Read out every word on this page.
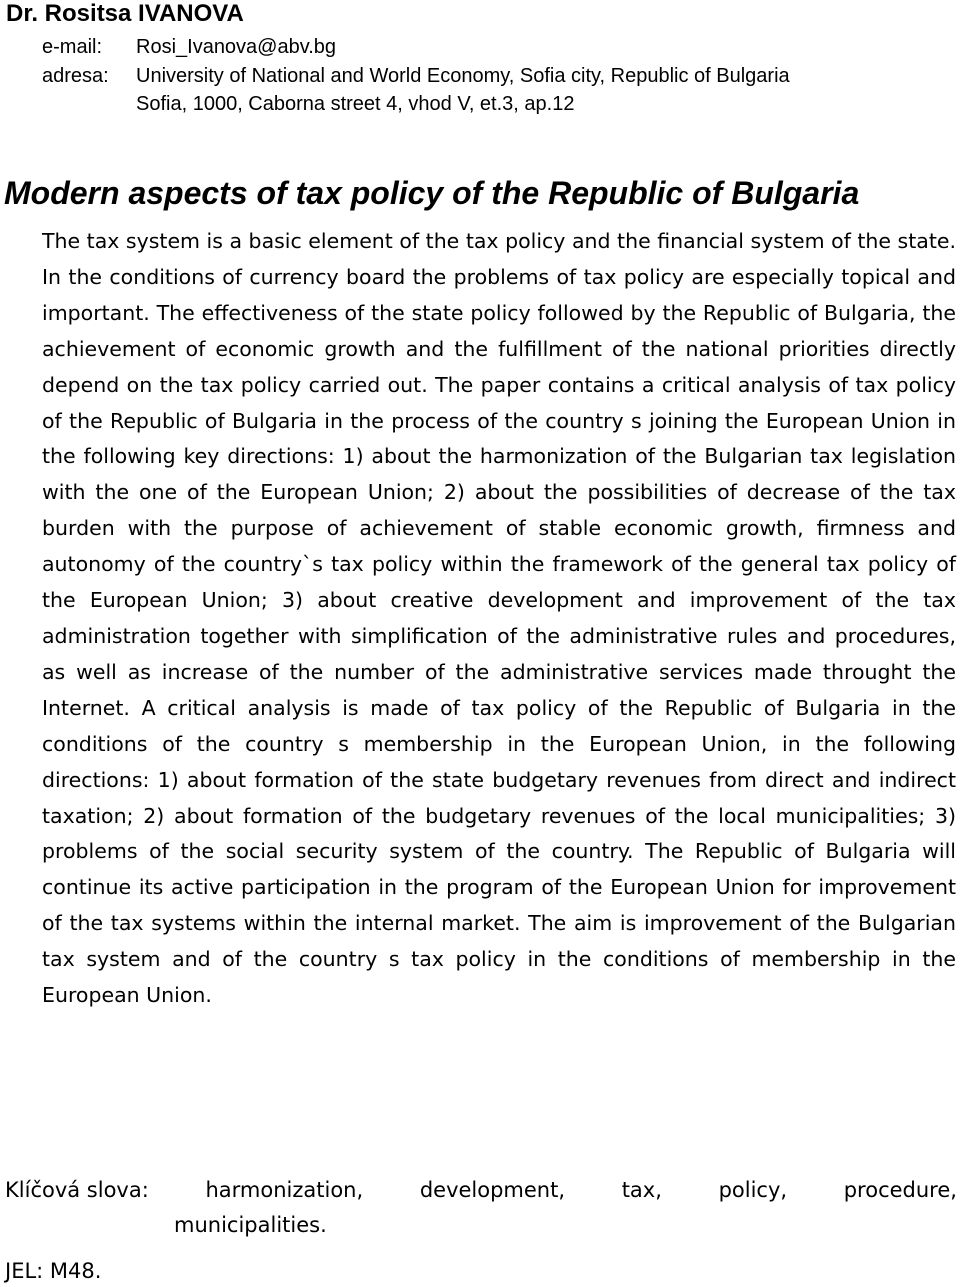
Dr. Rositsa IVANOVA
e-mail: Rosi_Ivanova@abv.bg
adresa: University of National and World Economy, Sofia city, Republic of Bulgaria
Sofia, 1000, Caborna street 4, vhod V, et.3, ap.12
Modern aspects of tax policy of the Republic of Bulgaria

The tax system is a basic element of the tax policy and the financial system of the state. In the conditions of currency board the problems of tax policy are especially topical and important. The effectiveness of the state policy followed by the Republic of Bulgaria, the achievement of economic growth and the fulfillment of the national priorities directly depend on the tax policy carried out. The paper contains a critical analysis of tax policy of the Republic of Bulgaria in the process of the country s joining the European Union in the following key directions: 1) about the harmonization of the Bulgarian tax legislation with the one of the European Union; 2) about the possibilities of decrease of the tax burden with the purpose of achievement of stable economic growth, firmness and autonomy of the country`s tax policy within the framework of the general tax policy of the European Union; 3) about creative development and improvement of the tax administration together with simplification of the administrative rules and procedures, as well as increase of the number of the administrative services made throught the Internet. A critical analysis is made of tax policy of the Republic of Bulgaria in the conditions of the country s membership in the European Union, in the following directions: 1) about formation of the state budgetary revenues from direct and indirect taxation; 2) about formation of the budgetary revenues of the local municipalities; 3) problems of the social security system of the country. The Republic of Bulgaria will continue its active participation in the program of the European Union for improvement of the tax systems within the internal market. The aim is improvement of the Bulgarian tax system and of the country s tax policy in the conditions of membership in the European Union.

Klíčová slova:	harmonization,	development,	tax,	policy,	procedure,
municipalities.
JEL: M48.
